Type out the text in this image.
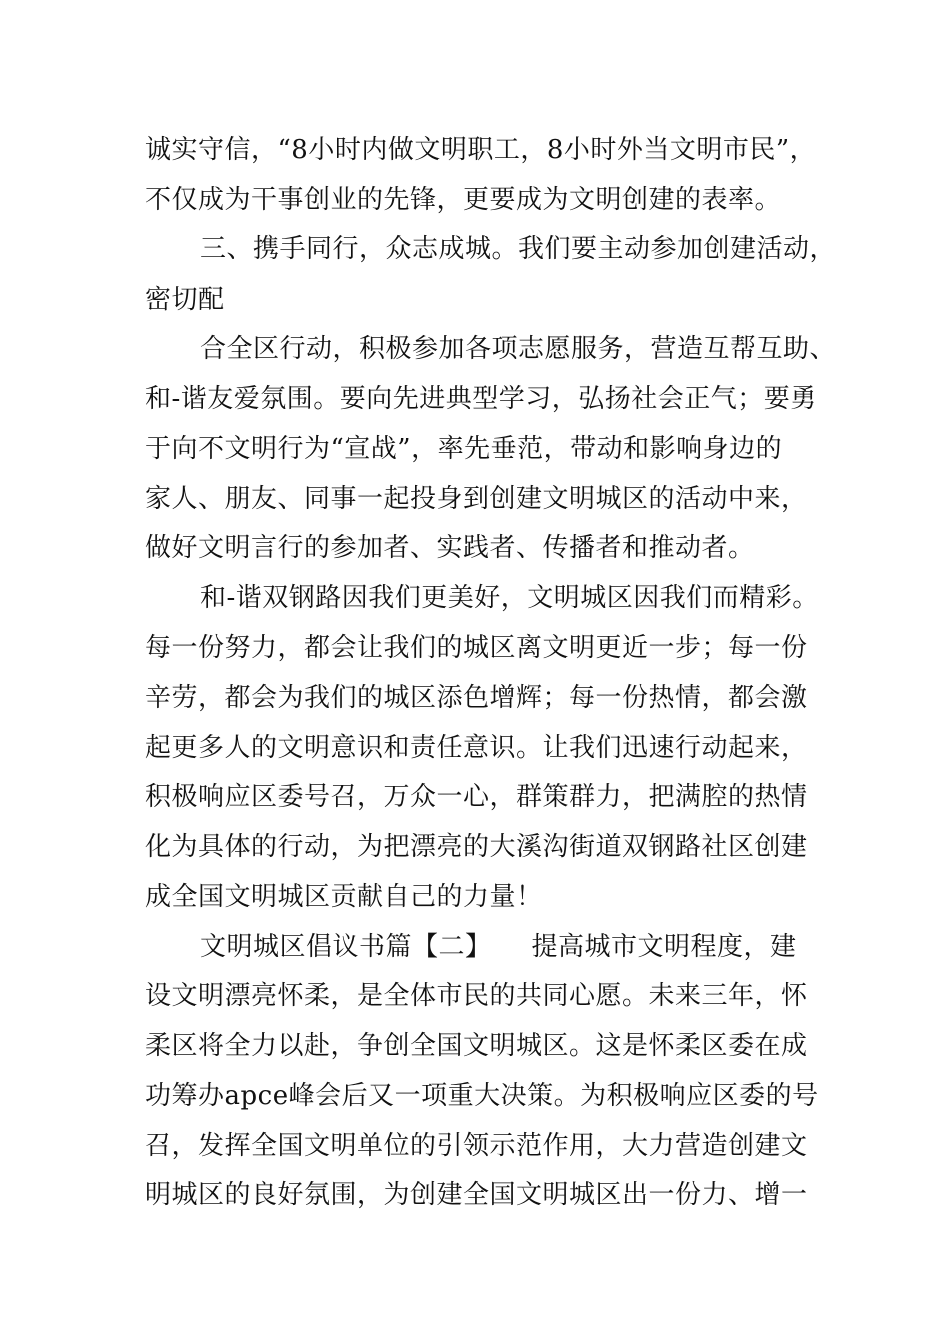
诚实守信，“8小时内做文明职工，8小时外当文明市民”，
不仅成为干事创业的先锋，更要成为文明创建的表率。
三、携手同行，众志成城。我们要主动参加创建活动，
密切配
合全区行动，积极参加各项志愿服务，营造互帮互助、
和-谐友爱氛围。要向先进典型学习，弘扬社会正气；要勇
于向不文明行为“宣战”，率先垂范，带动和影响身边的
家人、朋友、同事一起投身到创建文明城区的活动中来，
做好文明言行的参加者、实践者、传播者和推动者。
和-谐双钢路因我们更美好，文明城区因我们而精彩。
每一份努力，都会让我们的城区离文明更近一步；每一份
辛劳，都会为我们的城区添色增辉；每一份热情，都会激
起更多人的文明意识和责任意识。让我们迅速行动起来，
积极响应区委号召，万众一心，群策群力，把满腔的热情
化为具体的行动，为把漂亮的大溪沟街道双钢路社区创建
成全国文明城区贡献自己的力量！
文明城区倡议书篇【二】　　提高城市文明程度，建
设文明漂亮怀柔，是全体市民的共同心愿。未来三年，怀
柔区将全力以赴，争创全国文明城区。这是怀柔区委在成
功筹办apce峰会后又一项重大决策。为积极响应区委的号
召，发挥全国文明单位的引领示范作用，大力营造创建文
明城区的良好氛围，为创建全国文明城区出一份力、增一
